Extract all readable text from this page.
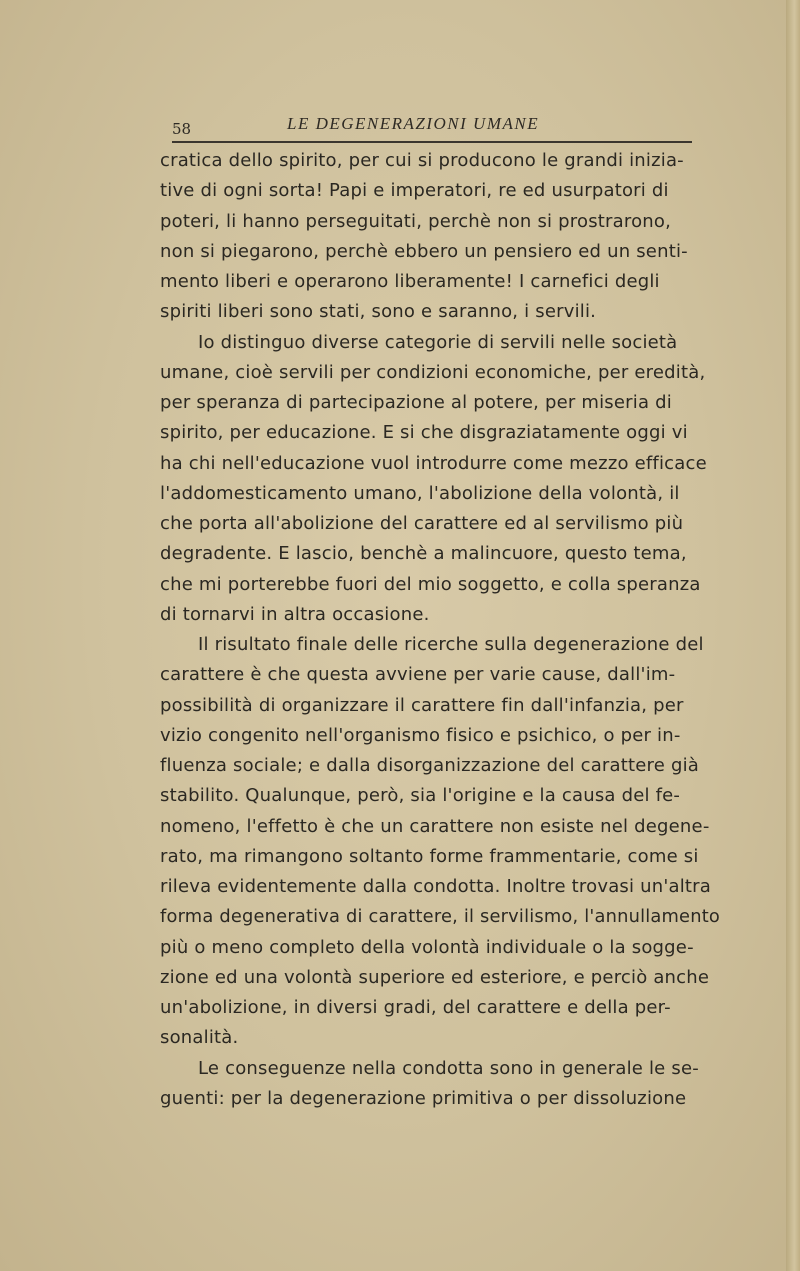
58	LE DEGENERAZIONI UMANE
cratica dello spirito, per cui si producono le grandi inizia-
tive di ogni sorta! Papi e imperatori, re ed usurpatori di
poteri, li hanno perseguitati, perchè non si prostrarono,
non si piegarono, perchè ebbero un pensiero ed un senti-
mento liberi e operarono liberamente! I carnefici degli
spiriti liberi sono stati, sono e saranno, i servili.
Io distinguo diverse categorie di servili nelle società
umane, cioè servili per condizioni economiche, per eredità,
per speranza di partecipazione al potere, per miseria di
spirito, per educazione. E si che disgraziatamente oggi vi
ha chi nell'educazione vuol introdurre come mezzo efficace
l'addomesticamento umano, l'abolizione della volontà, il
che porta all'abolizione del carattere ed al servilismo più
degradente. E lascio, benchè a malincuore, questo tema,
che mi porterebbe fuori del mio soggetto, e colla speranza
di tornarvi in altra occasione.
Il risultato finale delle ricerche sulla degenerazione del
carattere è che questa avviene per varie cause, dall'im-
possibilità di organizzare il carattere fin dall'infanzia, per
vizio congenito nell'organismo fisico e psichico, o per in-
fluenza sociale; e dalla disorganizzazione del carattere già
stabilito. Qualunque, però, sia l'origine e la causa del fe-
nomeno, l'effetto è che un carattere non esiste nel degene-
rato, ma rimangono soltanto forme frammentarie, come si
rileva evidentemente dalla condotta. Inoltre trovasi un'altra
forma degenerativa di carattere, il servilismo, l'annullamento
più o meno completo della volontà individuale o la sogge-
zione ed una volontà superiore ed esteriore, e perciò anche
un'abolizione, in diversi gradi, del carattere e della per-
sonalità.
Le conseguenze nella condotta sono in generale le se-
guenti: per la degenerazione primitiva o per dissoluzione
